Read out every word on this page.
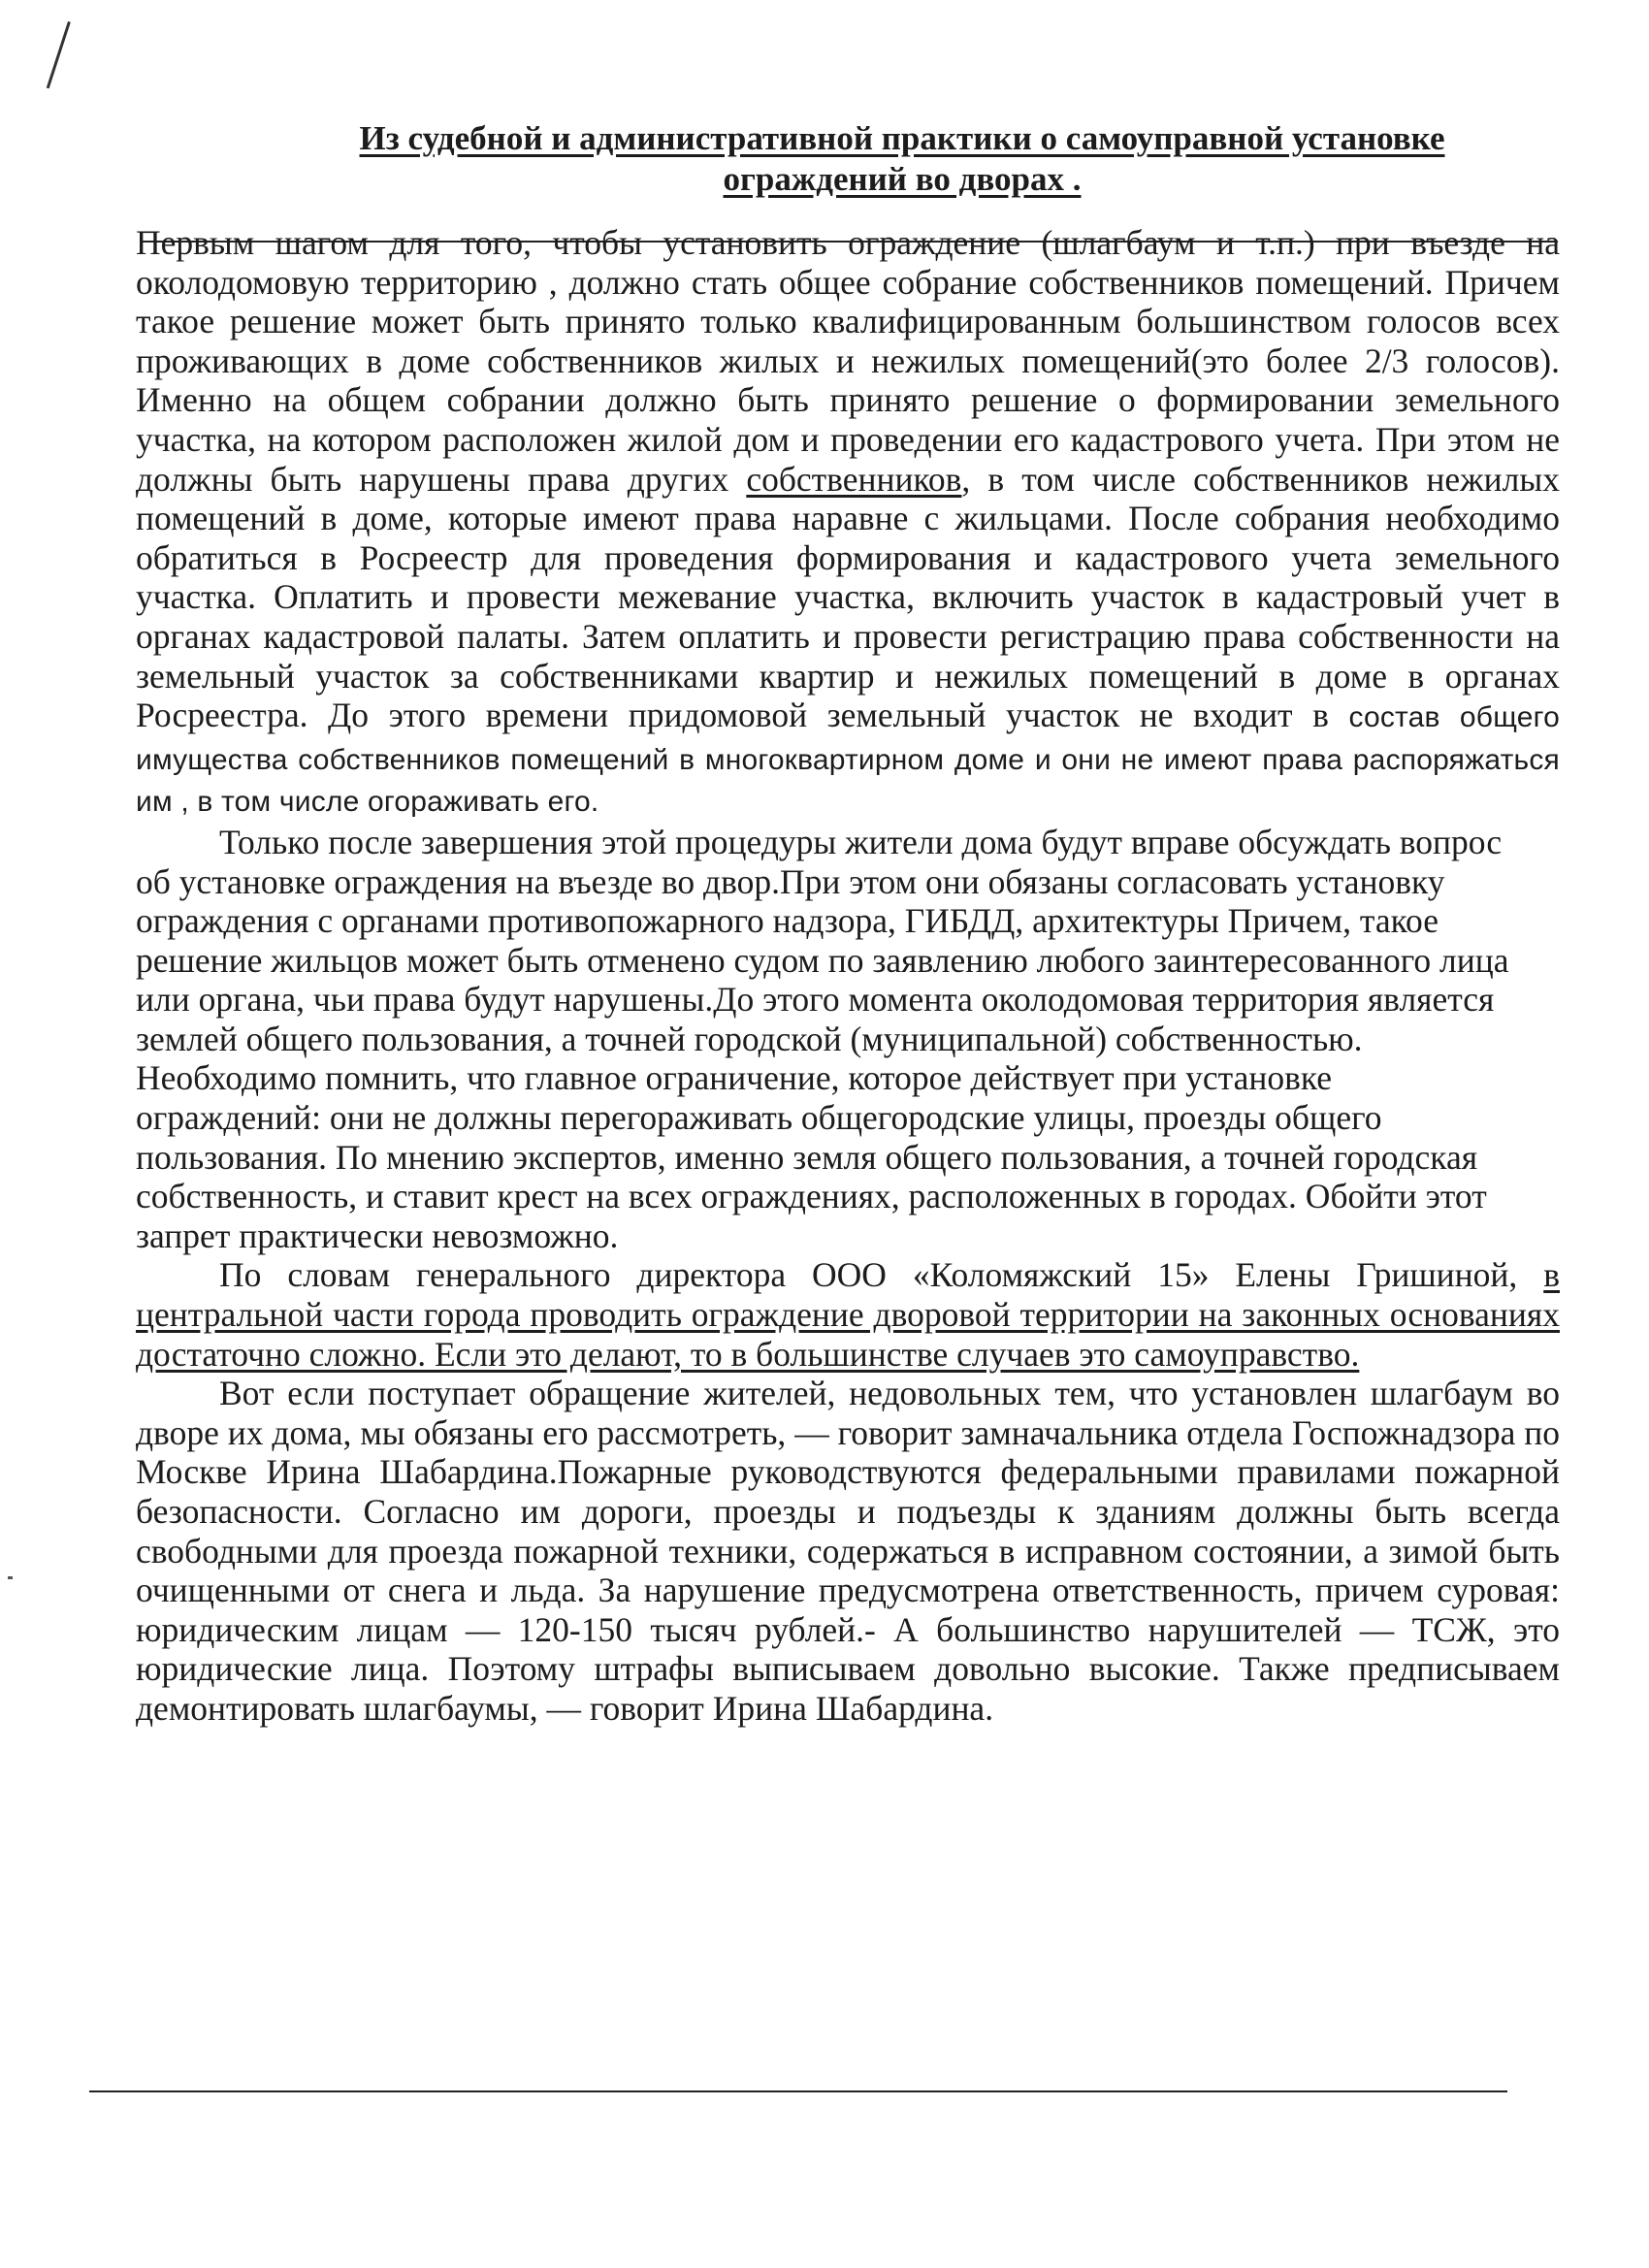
Из судебной и административной практики о самоуправной установке ограждений во дворах .

Первым шагом для того, чтобы установить ограждение (шлагбаум и т.п.) при въезде на околодомовую территорию , должно стать общее собрание собственников помещений. Причем такое решение может быть принято только квалифицированным большинством голосов всех проживающих в доме собственников жилых и нежилых помещений(это более 2/3 голосов). Именно на общем собрании должно быть принято решение о формировании земельного участка, на котором расположен жилой дом и проведении его кадастрового учета. При этом не должны быть нарушены права других собственников, в том числе собственников нежилых помещений в доме, которые имеют права наравне с жильцами. После собрания необходимо обратиться в Росреестр для проведения формирования и кадастрового учета земельного участка. Оплатить и провести межевание участка, включить участок в кадастровый учет в органах кадастровой палаты. Затем оплатить и провести регистрацию права собственности на земельный участок за собственниками квартир и нежилых помещений в доме в органах Росреестра. До этого времени придомовой земельный участок не входит в состав общего имущества собственников помещений в многоквартирном доме и они не имеют права распоряжаться им , в том числе огораживать его.

Только после завершения этой процедуры жители дома будут вправе обсуждать вопрос об установке ограждения на въезде во двор.При этом они обязаны согласовать установку ограждения с органами противопожарного надзора, ГИБДД, архитектуры Причем, такое решение жильцов может быть отменено судом по заявлению любого заинтересованного лица или органа, чьи права будут нарушены.До этого момента околодомовая территория является землей общего пользования, а точней городской (муниципальной) собственностью.

Необходимо помнить, что главное ограничение, которое действует при установке ограждений: они не должны перегораживать общегородские улицы, проезды общего пользования. По мнению экспертов, именно земля общего пользования, а точней городская собственность, и ставит крест на всех ограждениях, расположенных в городах. Обойти этот запрет практически невозможно.

По словам генерального директора ООО «Коломяжский 15» Елены Гришиной, в центральной части города проводить ограждение дворовой территории на законных основаниях достаточно сложно. Если это делают, то в большинстве случаев это самоуправство.

Вот если поступает обращение жителей, недовольных тем, что установлен шлагбаум во дворе их дома, мы обязаны его рассмотреть, — говорит замначальника отдела Госпожнадзора по Москве Ирина Шабардина.Пожарные руководствуются федеральными правилами пожарной безопасности. Согласно им дороги, проезды и подъезды к зданиям должны быть всегда свободными для проезда пожарной техники, содержаться в исправном состоянии, а зимой быть очищенными от снега и льда. За нарушение предусмотрена ответственность, причем суровая: юридическим лицам — 120-150 тысяч рублей.- А большинство нарушителей — ТСЖ, это юридические лица. Поэтому штрафы выписываем довольно высокие. Также предписываем демонтировать шлагбаумы, — говорит Ирина Шабардина.
